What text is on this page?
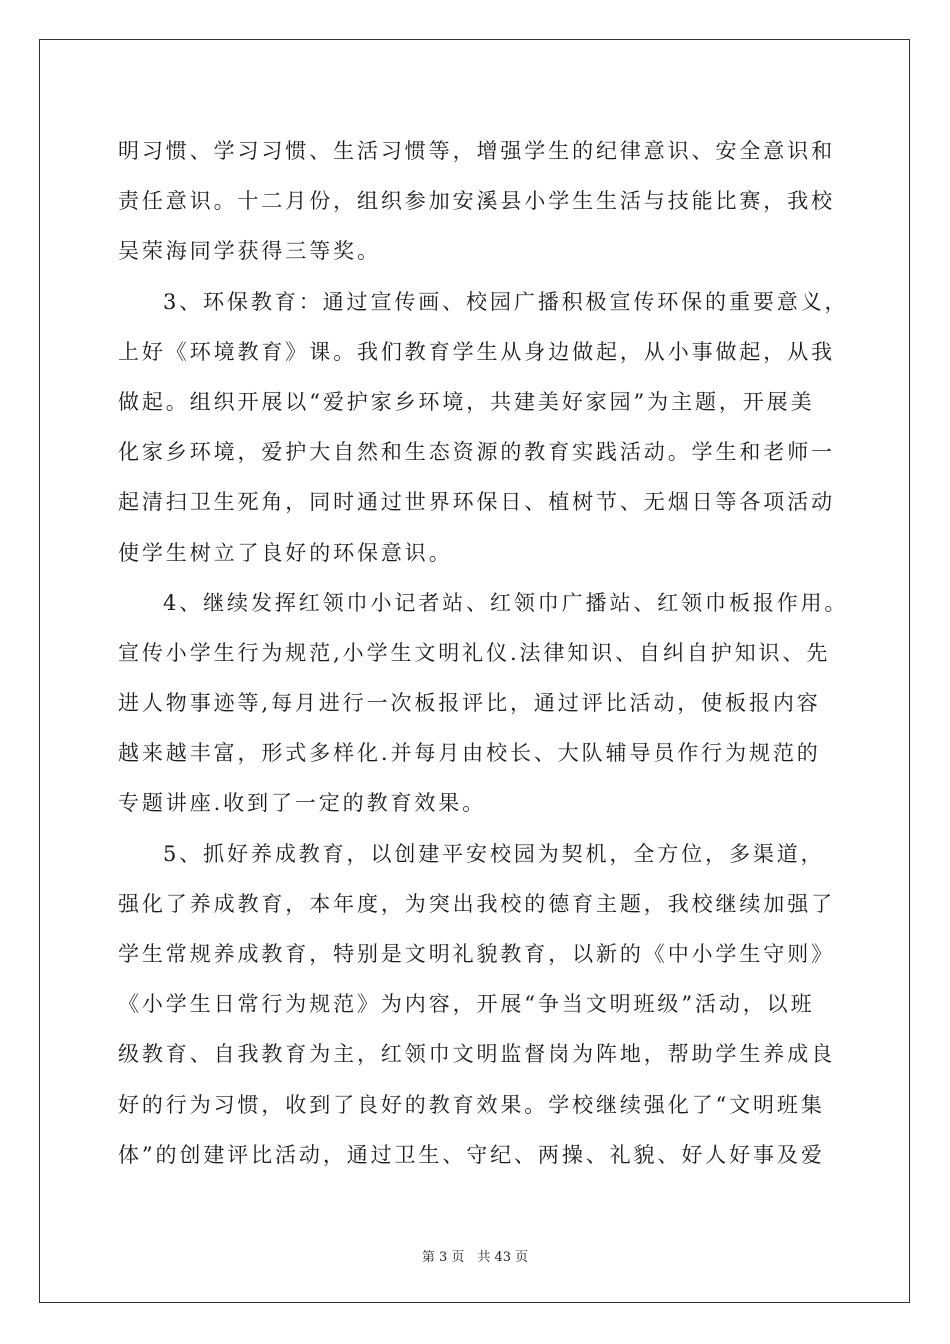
明习惯、学习习惯、生活习惯等，增强学生的纪律意识、安全意识和
责任意识。十二月份，组织参加安溪县小学生生活与技能比赛，我校
吴荣海同学获得三等奖。
3、环保教育：通过宣传画、校园广播积极宣传环保的重要意义，
上好《环境教育》课。我们教育学生从身边做起，从小事做起，从我
做起。组织开展以“爱护家乡环境，共建美好家园”为主题，开展美
化家乡环境，爱护大自然和生态资源的教育实践活动。学生和老师一
起清扫卫生死角，同时通过世界环保日、植树节、无烟日等各项活动
使学生树立了良好的环保意识。
4、继续发挥红领巾小记者站、红领巾广播站、红领巾板报作用。
宣传小学生行为规范,小学生文明礼仪.法律知识、自纠自护知识、先
进人物事迹等,每月进行一次板报评比，通过评比活动，使板报内容
越来越丰富，形式多样化.并每月由校长、大队辅导员作行为规范的
专题讲座.收到了一定的教育效果。
5、抓好养成教育，以创建平安校园为契机，全方位，多渠道，
强化了养成教育，本年度，为突出我校的德育主题，我校继续加强了
学生常规养成教育，特别是文明礼貌教育，以新的《中小学生守则》
《小学生日常行为规范》为内容，开展“争当文明班级”活动，以班
级教育、自我教育为主，红领巾文明监督岗为阵地，帮助学生养成良
好的行为习惯，收到了良好的教育效果。学校继续强化了“文明班集
体”的创建评比活动，通过卫生、守纪、两操、礼貌、好人好事及爱
第 3 页　共 43 页
